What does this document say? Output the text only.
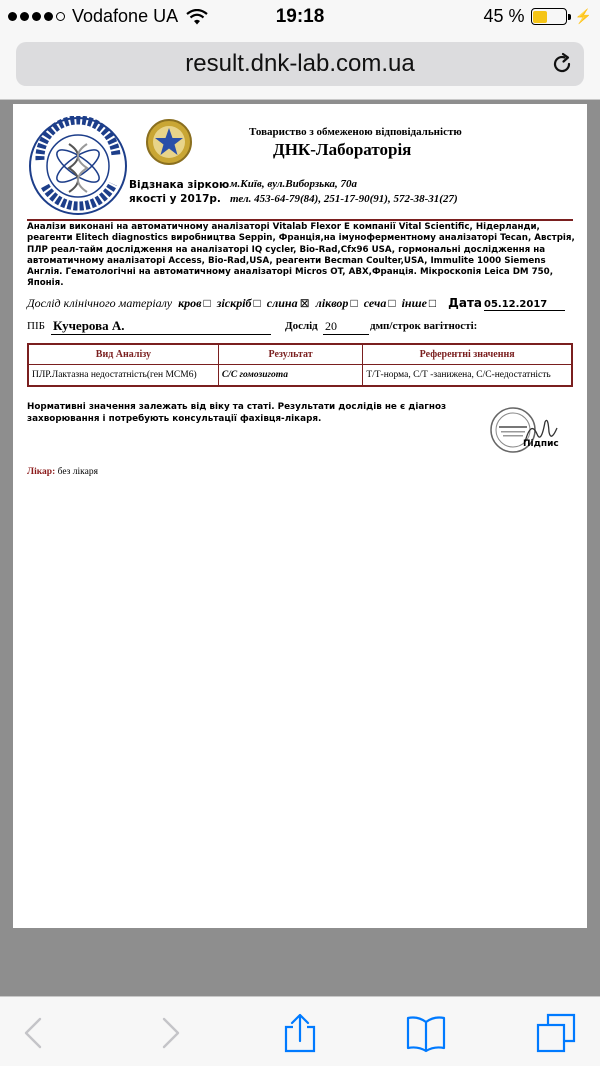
Vodafone UA	19:18	45 %	⚡
result.dnk-lab.com.ua
Відзнака зіркою
якості у 2017р.
Товариство з обмеженою відповідальністю
ДНК-Лабораторія
м.Київ, вул.Виборзька, 70а
тел. 453-64-79(84), 251-17-90(91), 572-38-31(27)
Аналізи виконані на автоматичному аналізаторі Vitalab Flexor E компанії Vital Scientific, Нідерланди, реагенти Elitech diagnostics виробництва Seppin, Франція,на імуноферментному аналізаторі Tecan, Австрія, ПЛР реал-тайм дослідження на аналізаторі IQ cycler, Bio-Rad,Cfx96 USA, гормональні дослідження на автоматичному аналізаторі Access, Bio-Rad,USA, реагенти Becman Coulter,USA, Immulite 1000 Siemens Англія. Гематологічні на автоматичному аналізаторі Micros OT, ABX,Франція. Мікроскопія Leica DM 750, Японія.
Дослід клінічного матеріалу кров □ зіскріб □ слина ⊠ ліквор □ сеча □ інше □ Дата 05.12.2017
ПІБ Кучерова А.	Дослід 20	дмп/строк вагітності:
Вид Аналізу	Результат	Референтні значення
ПЛР.Лактазна недостатність(ген МСМ6)	С/С гомозигота	Т/Т-норма, С/Т -занижена, С/С-недостатність
Нормативні значення залежать від віку та статі. Результати дослідів не є діагноз захворювання і потребують консультації фахівця-лікаря.
Підпис
Лікар: без лікаря
